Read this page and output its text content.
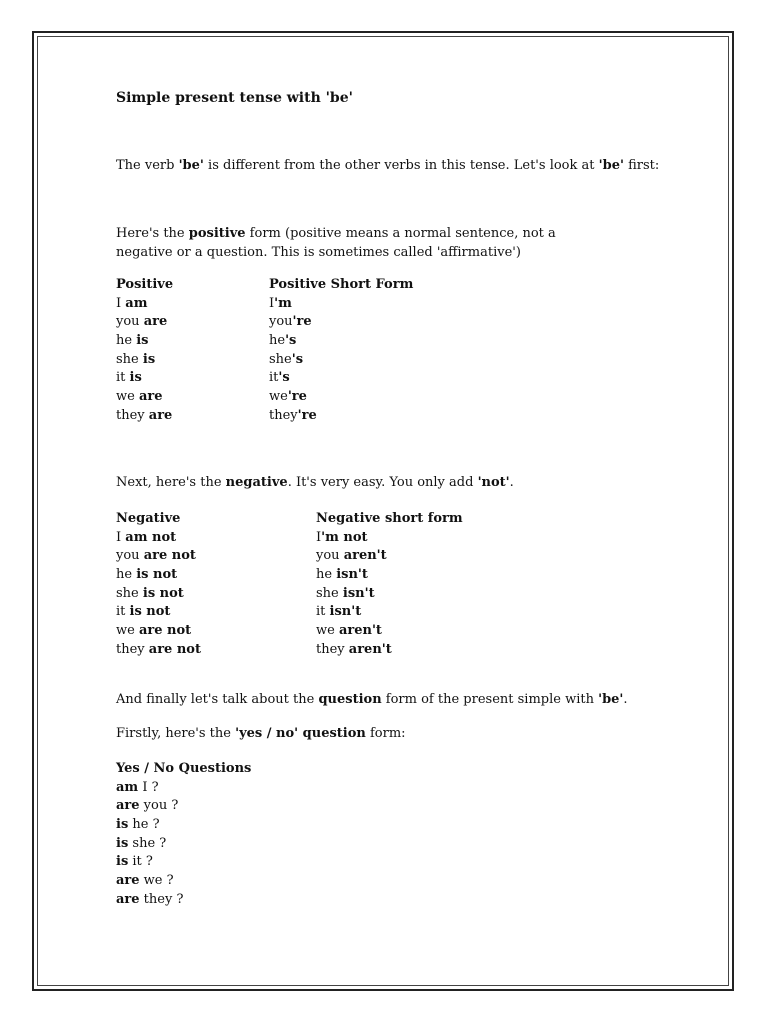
Simple present tense with 'be'

The verb 'be' is different from the other verbs in this tense. Let's look at 'be' first:

Here's the positive form (positive means a normal sentence, not a negative or a question. This is sometimes called 'affirmative')

Positive	Positive Short Form
I am	I'm
you are	you're
he is	he's
she is	she's
it is	it's
we are	we're
they are	they're

Next, here's the negative. It's very easy. You only add 'not'.

Negative	Negative short form
I am not	I'm not
you are not	you aren't
he is not	he isn't
she is not	she isn't
it is not	it isn't
we are not	we aren't
they are not	they aren't

And finally let's talk about the question form of the present simple with 'be'.

Firstly, here's the 'yes / no' question form:

Yes / No Questions
am I ?
are you ?
is he ?
is she ?
is it ?
are we ?
are they ?
